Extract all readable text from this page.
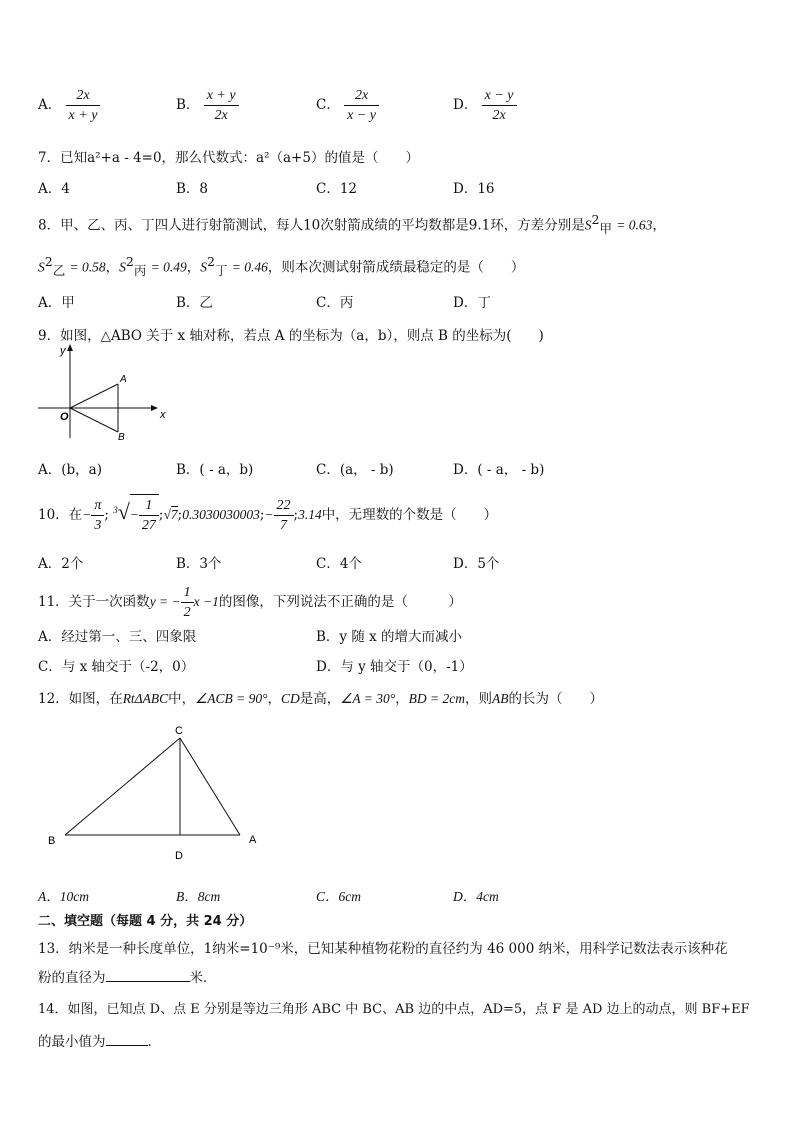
A． $\frac{2x}{x + y}$	B． $\frac{x + y}{2x}$	C． $\frac{2x}{x - y}$	D． $\frac{x - y}{2x}$
7．已知a²+a - 4=0，那么代数式：a²（a+5）的值是（　　）
A．4	B．8	C．12	D．16
8．甲、乙、丙、丁四人进行射箭测试，每人10次射箭成绩的平均数都是9.1环，方差分别是$S^2_甲 = 0.63$，
$S^2_乙 = 0.58$，$S^2_丙 = 0.49$，$S^2_丁 = 0.46$，则本次测试射箭成绩最稳定的是（　　）
A．甲	B．乙	C．丙	D．丁
9．如图，△ABO 关于 x 轴对称，若点 A 的坐标为（a，b），则点 B 的坐标为(　　)
y
x
O
A
B
A．(b，a)	B．( - a，b)	C．(a， - b)	D．( - a， - b)
10．在− $\frac{\pi}{3}$ ; $^3√- \frac{1}{27}$ ;√7;0.3030030003;− $\frac{22}{7}$ ;3.14中，无理数的个数是（　　）
A．2个	B．3个	C．4个	D．5个
11．关于一次函数y = − $\frac{1}{2}$ x −1的图像，下列说法不正确的是（　　　）
A．经过第一、三、四象限	B．y 随 x 的增大而减小
C．与 x 轴交于（-2，0）	D．与 y 轴交于（0，-1）
12．如图，在RtΔABC中，∠ACB = 90°，CD是高，∠A = 30°，BD = 2cm，则AB的长为（　　）
C
B	A
D
A．10cm	B．8cm	C．6cm	D．4cm
二、填空题（每题 4 分，共 24 分）
13．纳米是一种长度单位，1纳米=10⁻⁹米，已知某种植物花粉的直径约为 46 000 纳米，用科学记数法表示该种花
粉的直径为	米．
14．如图，已知点 D、点 E 分别是等边三角形 ABC 中 BC、AB 边的中点，AD=5，点 F 是 AD 边上的动点，则 BF+EF
的最小值为	．
